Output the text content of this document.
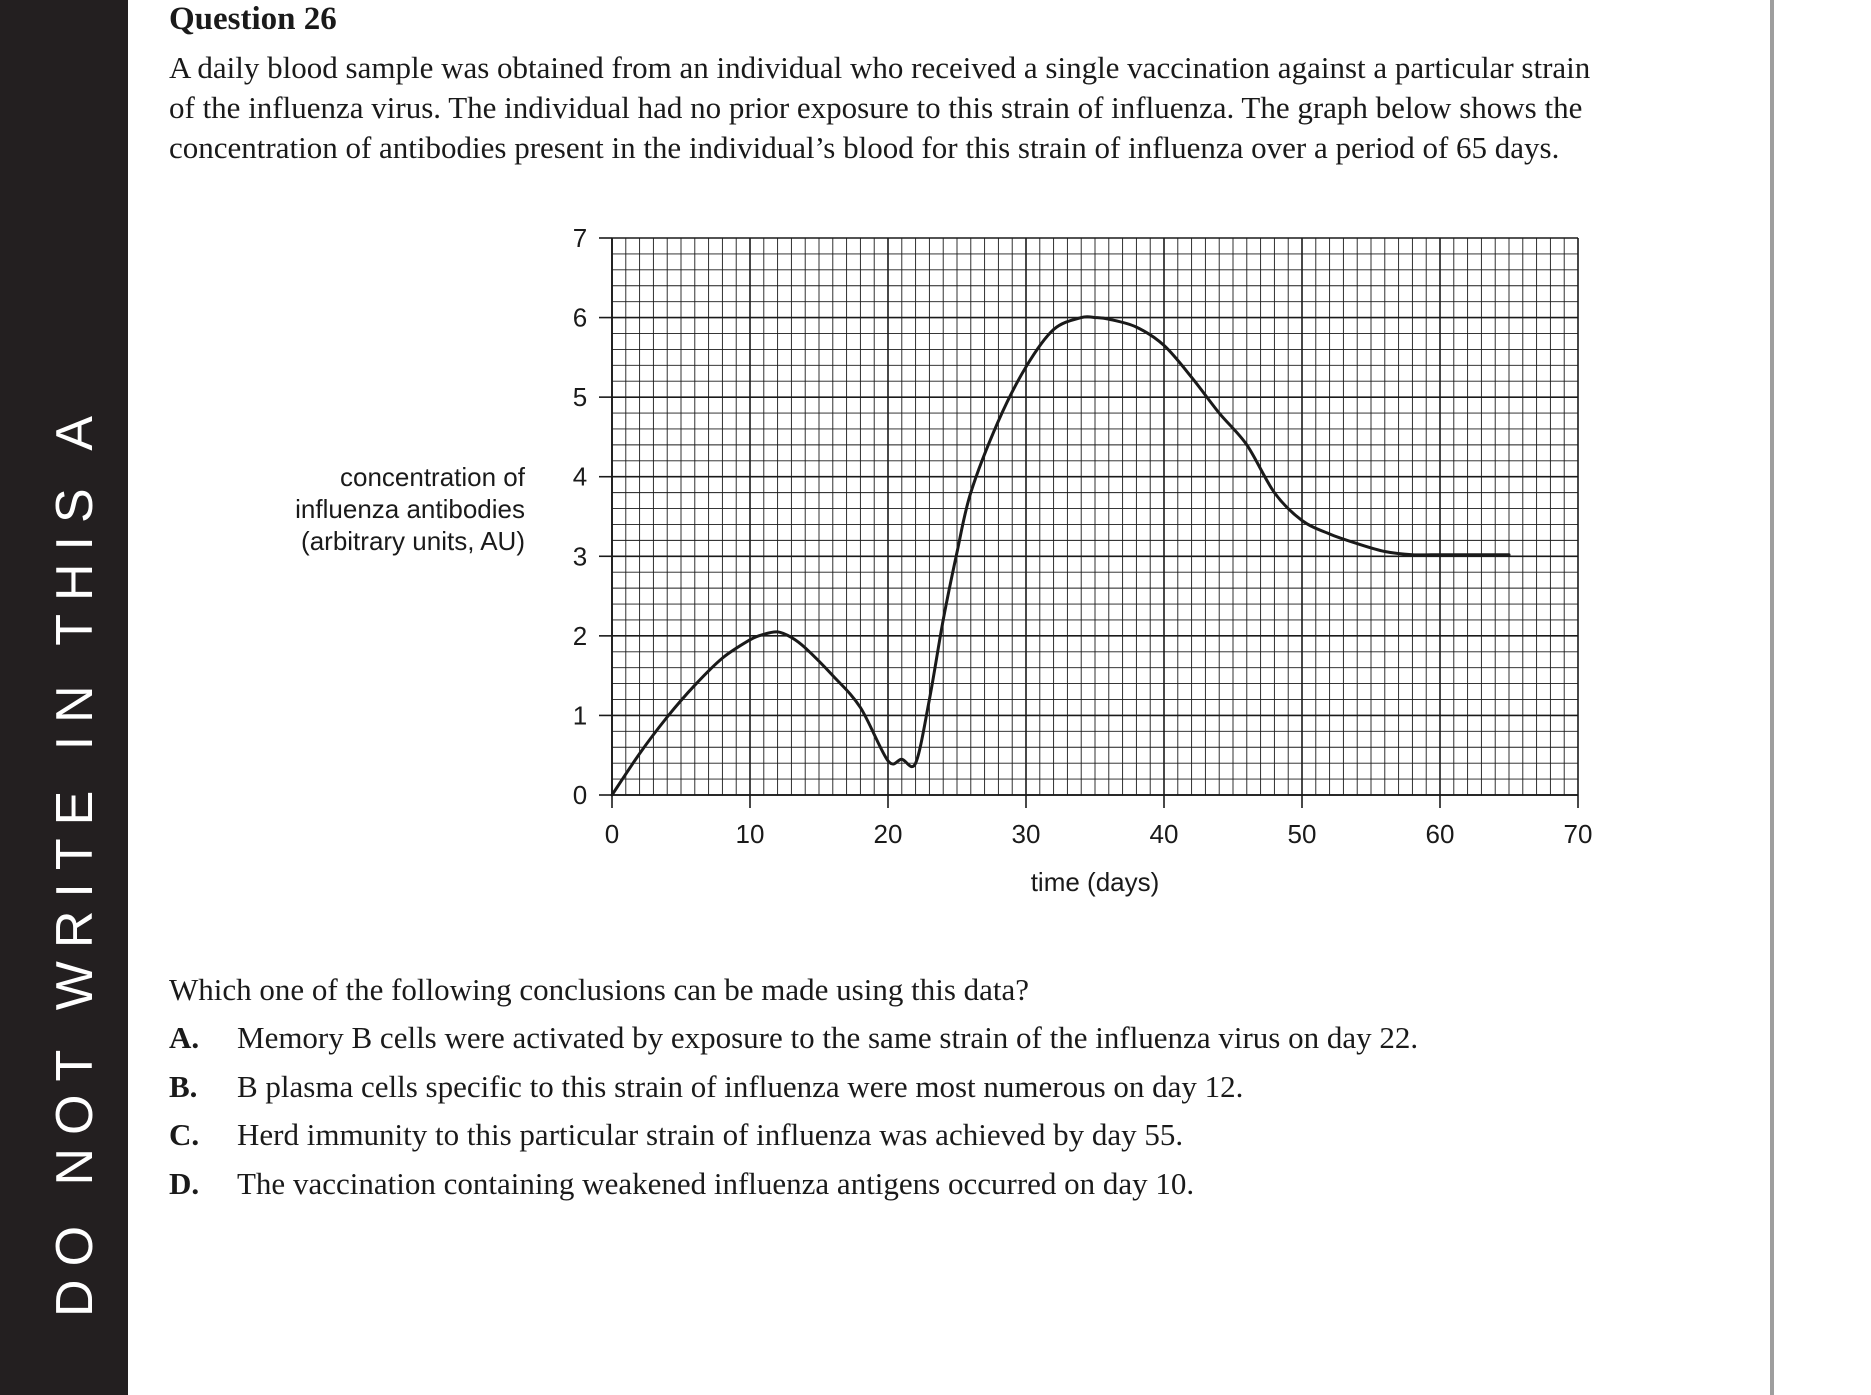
DO NOT WRITE IN THIS A
Question 26

A daily blood sample was obtained from an individual who received a single vaccination against a particular strain
of the influenza virus. The individual had no prior exposure to this strain of influenza. The graph below shows the
concentration of antibodies present in the individual’s blood for this strain of influenza over a period of 65 days.

concentration of
influenza antibodies
(arbitrary units, AU)
0	10	20	30	40	50	60	70
0
1
2
3
4
5
6
7
time (days)

Which one of the following conclusions can be made using this data?

A. Memory B cells were activated by exposure to the same strain of the influenza virus on day 22.
B. B plasma cells specific to this strain of influenza were most numerous on day 12.
C. Herd immunity to this particular strain of influenza was achieved by day 55.
D. The vaccination containing weakened influenza antigens occurred on day 10.
